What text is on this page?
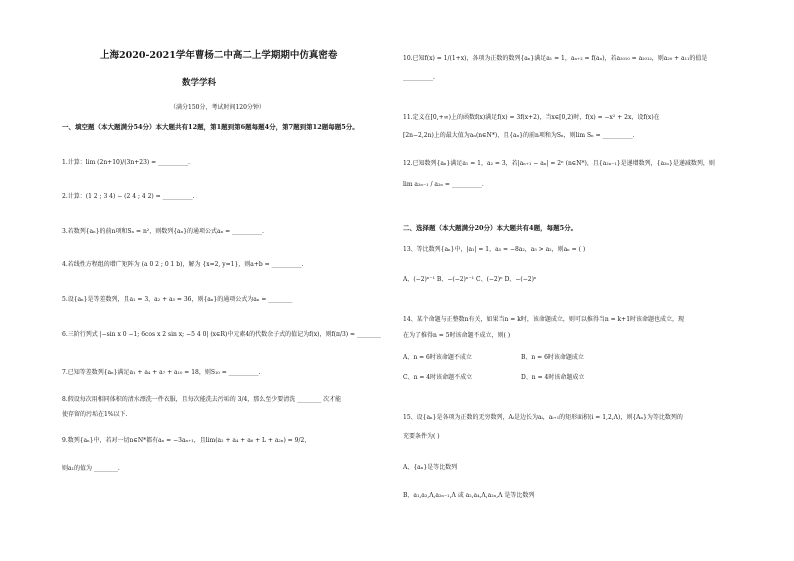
上海2020-2021学年曹杨二中高二上学期期中仿真密卷
数学学科
（满分150分，考试时间120分钟）
一、填空题（本大题满分54分）本大题共有12题，第1题到第6题每题4分，第7题到第12题每题5分。
1.计算：lim (2n+10)/(3n+23) = __________.
2.计算：(1 2 ; 3 4) − (2 4 ; 4 2) = __________.
3.若数列{aₙ}的前n项和Sₙ = n²，则数列{aₙ}的通项公式aₙ = __________.
4.若线性方程组的增广矩阵为 (a 0 2 ; 0 1 b)，解为 {x=2, y=1}，则a+b = __________.
5.设{aₙ}是等差数列，且a₁ = 3，a₂ + a₅ = 36，则{aₙ}的通项公式为aₙ = ________
6.三阶行列式 |−sin x 0 −1; 6cos x 2 sin x; −5 4 0| (x∈R)中元素4的代数余子式的值记为f(x)，则f(π/3) = ________
7.已知等差数列{aₙ}满足a₁ + a₄ + a₇ + a₁₀ = 18，则S₁₀ = __________.
8.假设每次用相同体积的清水漂洗一件衣服，且每次能洗去污垢的 3/4，那么至少要清洗 ________ 次才能
使存留的污垢在1%以下.
9.数列{aₙ}中，若对一切n∈N*都有aₙ = −3aₙ₊₁，且lim(a₂ + a₄ + a₆ + L + a₂ₙ) = 9/2，
则a₁的值为 ________.
10.已知f(x) = 1/(1+x)，各项为正数的数列{aₙ}满足a₁ = 1，aₙ₊₂ = f(aₙ)，若a₂₀₁₀ = a₂₀₁₂，则a₂₀ + a₁₁的值是
__________.
11.定义在[0,+∞)上的函数f(x)满足f(x) = 3f(x+2)，当x∈[0,2)时，f(x) = −x² + 2x，设f(x)在
[2n−2,2n)上的最大值为aₙ(n∈N*)，且{aₙ}的前n项和为Sₙ，则lim Sₙ = __________.
12.已知数列{aₙ}满足a₁ = 1，a₂ = 3，若|aₙ₊₁ − aₙ| = 2ⁿ (n∈N*)，且{a₂ₙ₋₁}是递增数列，{a₂ₙ}是递减数列，则
lim a₂ₙ₋₁ / a₂ₙ = __________.
二、选择题（本大题满分20分）本大题共有4题，每题5分。
13、等比数列{aₙ}中，|a₁| = 1，a₅ = −8a₂，a₅ > a₂，则aₙ = ( )
A、(−2)ⁿ⁻¹ B、−(−2)ⁿ⁻¹ C、(−2)ⁿ D、−(−2)ⁿ
14、某个命题与正整数n有关，如果当n = k时，该命题成立，则可以推得当n = k+1时该命题也成立，现
在为了推得n = 5时该命题不成立，则( )
A、n = 6时该命题不成立	B、n = 6时该命题成立
C、n = 4时该命题不成立	D、n = 4时该命题成立
15、设{aₙ}是各项为正数的无穷数列，Aᵢ是边长为aᵢ，aᵢ₊₁的矩形面积(i = 1,2,Λ)，则{Aₙ}为等比数列的
充要条件为( )
A、{aₙ}是等比数列
B、a₁,a₃,Λ,a₂ₙ₋₁,Λ 或 a₂,a₄,Λ,a₂ₙ,Λ 是等比数列
